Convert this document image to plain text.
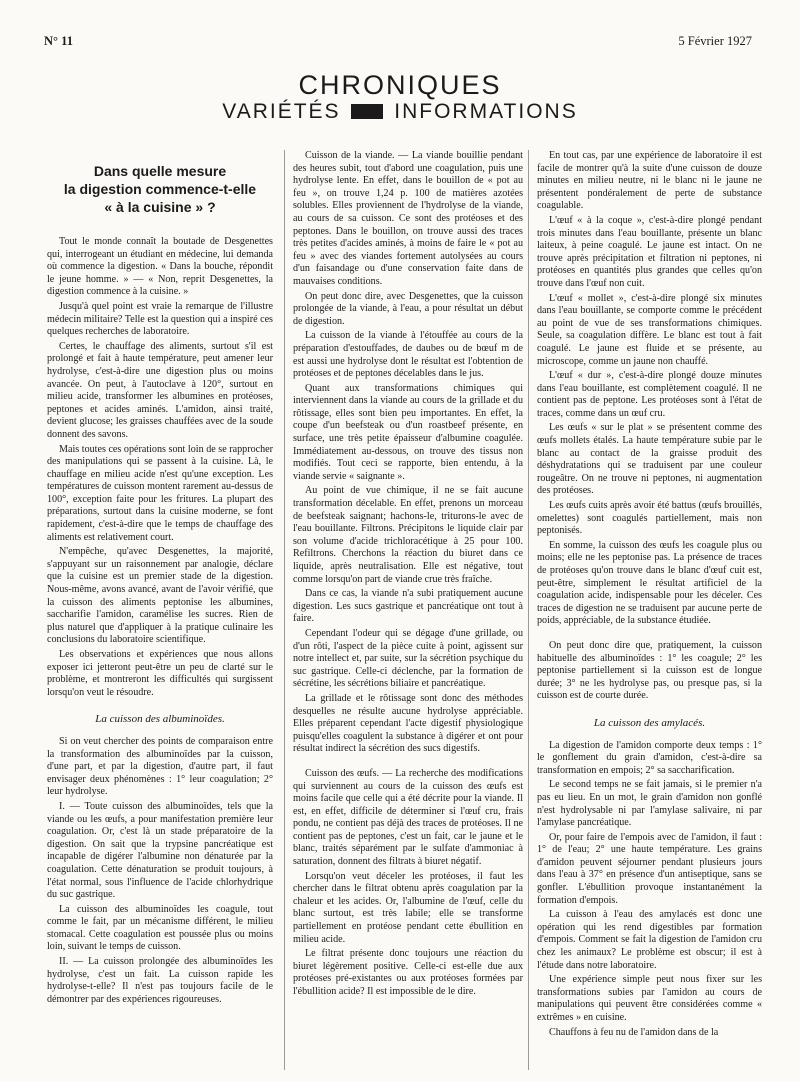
N° 11	5 Février 1927
CHRONIQUES
VARIÉTÉS	INFORMATIONS
Dans quelle mesure
la digestion commence-t-elle
« à la cuisine » ?

Tout le monde connaît la boutade de Desgenettes qui, interrogeant un étudiant en médecine, lui demanda où commence la digestion. « Dans la bouche, répondit le jeune homme. » — « Non, reprit Desgenettes, la digestion commence à la cuisine. »

Jusqu'à quel point est vraie la remarque de l'illustre médecin militaire? Telle est la question qui a inspiré ces quelques recherches de laboratoire.

Certes, le chauffage des aliments, surtout s'il est prolongé et fait à haute température, peut amener leur hydrolyse, c'est-à-dire une digestion plus ou moins avancée. On peut, à l'autoclave à 120°, surtout en milieu acide, transformer les albumines en protéoses, peptones et acides aminés. L'amidon, ainsi traité, devient glucose; les graisses chauffées avec de la soude donnent des savons.

Mais toutes ces opérations sont loin de se rapprocher des manipulations qui se passent à la cuisine. Là, le chauffage en milieu acide n'est qu'une exception. Les températures de cuisson montent rarement au-dessus de 100°, exception faite pour les fritures. La plupart des préparations, surtout dans la cuisine moderne, se font rapidement, c'est-à-dire que le temps de chauffage des aliments est relativement court.

N'empêche, qu'avec Desgenettes, la majorité, s'appuyant sur un raisonnement par analogie, déclare que la cuisine est un premier stade de la digestion. Nous-même, avons avancé, avant de l'avoir vérifié, que la cuisson des aliments peptonise les albumines, saccharifie l'amidon, caramélise les sucres. Rien de plus naturel que d'appliquer à la pratique culinaire les conclusions du laboratoire scientifique.

Les observations et expériences que nous allons exposer ici jetteront peut-être un peu de clarté sur le problème, et montreront les difficultés qui surgissent lorsqu'on veut le résoudre.

La cuisson des albuminoïdes.

Si on veut chercher des points de comparaison entre la transformation des albuminoïdes par la cuisson, d'une part, et par la digestion, d'autre part, il faut envisager deux phénomènes : 1° leur coagulation; 2° leur hydrolyse.

I. — Toute cuisson des albuminoïdes, tels que la viande ou les œufs, a pour manifestation première leur coagulation. Or, c'est là un stade préparatoire de la digestion. On sait que la trypsine pancréatique est incapable de digérer l'albumine non dénaturée par la coagulation. Cette dénaturation se produit toujours, à l'état normal, sous l'influence de l'acide chlorhydrique du suc gastrique.

La cuisson des albuminoïdes les coagule, tout comme le fait, par un mécanisme différent, le milieu stomacal. Cette coagulation est poussée plus ou moins loin, suivant le temps de cuisson.

II. — La cuisson prolongée des albuminoïdes les hydrolyse, c'est un fait. La cuisson rapide les hydrolyse-t-elle? Il n'est pas toujours facile de le démontrer par des expériences rigoureuses.

Cuisson de la viande. — La viande bouillie pendant des heures subit, tout d'abord une coagulation, puis une hydrolyse lente. En effet, dans le bouillon de « pot au feu », on trouve 1,24 p. 100 de matières azotées solubles. Elles proviennent de l'hydrolyse de la viande, au cours de sa cuisson. Ce sont des protéoses et des peptones. Dans le bouillon, on trouve aussi des traces très petites d'acides aminés, à moins de faire le « pot au feu » avec des viandes fortement autolysées au cours d'un faisandage ou d'une conservation faite dans de mauvaises conditions.

On peut donc dire, avec Desgenettes, que la cuisson prolongée de la viande, à l'eau, a pour résultat un début de digestion.

La cuisson de la viande à l'étouffée au cours de la préparation d'estouffades, de daubes ou de bœuf m de est aussi une hydrolyse dont le résultat est l'obtention de protéoses et de peptones décelables dans le jus.

Quant aux transformations chimiques qui interviennent dans la viande au cours de la grillade et du rôtissage, elles sont bien peu importantes. En effet, la coupe d'un beefsteak ou d'un roastbeef présente, en surface, une très petite épaisseur d'albumine coagulée. Immédiatement au-dessous, on trouve des tissus non modifiés. Tout ceci se rapporte, bien entendu, à la viande servie « saignante ».

Au point de vue chimique, il ne se fait aucune transformation décelable. En effet, prenons un morceau de beefsteak saignant; hachons-le, triturons-le avec de l'eau bouillante. Filtrons. Précipitons le liquide clair par son volume d'acide trichloracétique à 25 pour 100. Refiltrons. Cherchons la réaction du biuret dans ce liquide, après neutralisation. Elle est négative, tout comme lorsqu'on part de viande crue très fraîche.

Dans ce cas, la viande n'a subi pratiquement aucune digestion. Les sucs gastrique et pancréatique ont tout à faire.

Cependant l'odeur qui se dégage d'une grillade, ou d'un rôti, l'aspect de la pièce cuite à point, agissent sur notre intellect et, par suite, sur la sécrétion psychique du suc gastrique. Celle-ci déclenche, par la formation de sécrétine, les sécrétions biliaire et pancréatique.

La grillade et le rôtissage sont donc des méthodes desquelles ne résulte aucune hydrolyse appréciable. Elles préparent cependant l'acte digestif physiologique puisqu'elles coagulent la substance à digérer et ont pour résultat indirect la sécrétion des sucs digestifs.

Cuisson des œufs. — La recherche des modifications qui surviennent au cours de la cuisson des œufs est moins facile que celle qui a été décrite pour la viande. Il est, en effet, difficile de déterminer si l'œuf cru, frais pondu, ne contient pas déjà des traces de protéoses. Il ne contient pas de peptones, c'est un fait, car le jaune et le blanc, traités séparément par le sulfate d'ammoniac à saturation, donnent des filtrats à biuret négatif.

Lorsqu'on veut déceler les protéoses, il faut les chercher dans le filtrat obtenu après coagulation par la chaleur et les acides. Or, l'albumine de l'œuf, celle du blanc surtout, est très labile; elle se transforme partiellement en protéose pendant cette ébullition en milieu acide.

Le filtrat présente donc toujours une réaction du biuret légèrement positive. Celle-ci est-elle due aux protéoses pré-existantes ou aux protéoses formées par l'ébullition acide? Il est impossible de le dire.

En tout cas, par une expérience de laboratoire il est facile de montrer qu'à la suite d'une cuisson de douze minutes en milieu neutre, ni le blanc ni le jaune ne présentent pondéralement de perte de substance coagulable.

L'œuf « à la coque », c'est-à-dire plongé pendant trois minutes dans l'eau bouillante, présente un blanc laiteux, à peine coagulé. Le jaune est intact. On ne trouve après précipitation et filtration ni peptones, ni protéoses en quantités plus grandes que celles qu'on trouve dans l'œuf non cuit.

L'œuf « mollet », c'est-à-dire plongé six minutes dans l'eau bouillante, se comporte comme le précédent au point de vue de ses transformations chimiques. Seule, sa coagulation diffère. Le blanc est tout à fait coagulé. Le jaune est fluide et se présente, au microscope, comme un jaune non chauffé.

L'œuf « dur », c'est-à-dire plongé douze minutes dans l'eau bouillante, est complètement coagulé. Il ne contient pas de peptone. Les protéoses sont à l'état de traces, comme dans un œuf cru.

Les œufs « sur le plat » se présentent comme des œufs mollets étalés. La haute température subie par le blanc au contact de la graisse produit des déshydratations qui se traduisent par une couleur rougeâtre. On ne trouve ni peptones, ni augmentation des protéoses.

Les œufs cuits après avoir été battus (œufs brouillés, omelettes) sont coagulés partiellement, mais non peptonisés.

En somme, la cuisson des œufs les coagule plus ou moins; elle ne les peptonise pas. La présence de traces de protéoses qu'on trouve dans le blanc d'œuf cuit est, peut-être, simplement le résultat artificiel de la coagulation acide, indispensable pour les déceler. Ces traces de digestion ne se traduisent par aucune perte de poids, appréciable, de la substance étudiée.

On peut donc dire que, pratiquement, la cuisson habituelle des albuminoïdes : 1° les coagule; 2° les peptonise partiellement si la cuisson est de longue durée; 3° ne les hydrolyse pas, ou presque pas, si la cuisson est de courte durée.

La cuisson des amylacés.

La digestion de l'amidon comporte deux temps : 1° le gonflement du grain d'amidon, c'est-à-dire sa transformation en empois; 2° sa saccharification.

Le second temps ne se fait jamais, si le premier n'a pas eu lieu. En un mot, le grain d'amidon non gonflé n'est hydrolysable ni par l'amylase salivaire, ni par l'amylase pancréatique.

Or, pour faire de l'empois avec de l'amidon, il faut : 1° de l'eau; 2° une haute température. Les grains d'amidon peuvent séjourner pendant plusieurs jours dans l'eau à 37° en présence d'un antiseptique, sans se gonfler. L'ébullition provoque instantanément la formation d'empois.

La cuisson à l'eau des amylacés est donc une opération qui les rend digestibles par formation d'empois. Comment se fait la digestion de l'amidon cru chez les animaux? Le problème est obscur; il est à l'étude dans notre laboratoire.

Une expérience simple peut nous fixer sur les transformations subies par l'amidon au cours de manipulations qui peuvent être considérées comme « extrêmes » en cuisine.

Chauffons à feu nu de l'amidon dans de la
